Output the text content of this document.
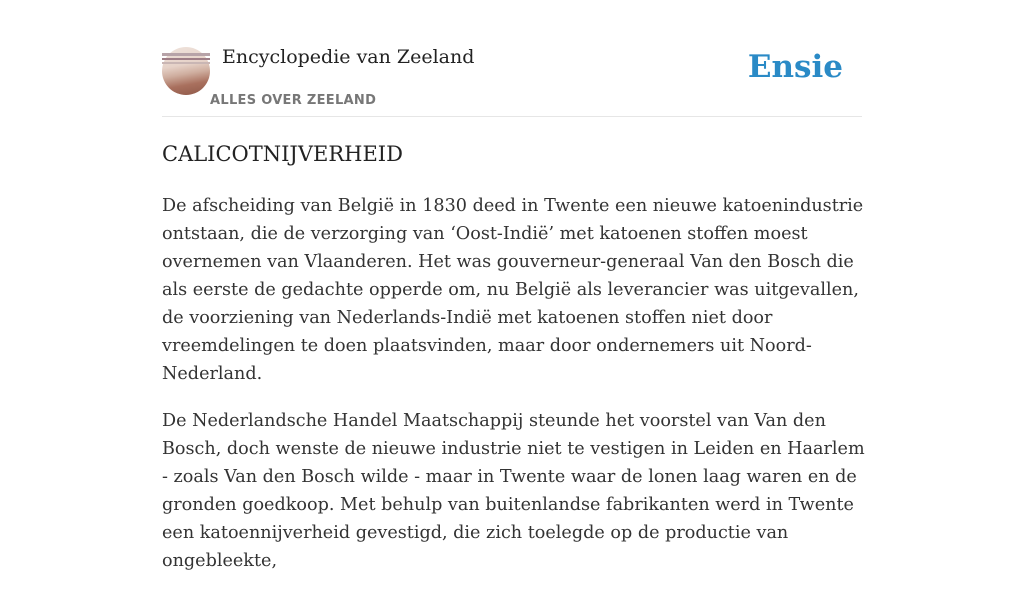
Encyclopedie van Zeeland
ALLES OVER ZEELAND
Ensie
CALICOTNIJVERHEID

De afscheiding van België in 1830 deed in Twente een nieuwe katoenindustrie ontstaan, die de verzorging van ‘Oost-Indië’ met katoenen stoffen moest overnemen van Vlaanderen. Het was gouverneur-generaal Van den Bosch die als eerste de gedachte opperde om, nu België als leverancier was uitgevallen, de voorziening van Nederlands-Indië met katoenen stoffen niet door vreemdelingen te doen plaatsvinden, maar door ondernemers uit Noord-Nederland.

De Nederlandsche Handel Maatschappij steunde het voorstel van Van den Bosch, doch wenste de nieuwe industrie niet te vestigen in Leiden en Haarlem - zoals Van den Bosch wilde - maar in Twente waar de lonen laag waren en de gronden goedkoop. Met behulp van buitenlandse fabrikanten werd in Twente een katoennijverheid gevestigd, die zich toelegde op de productie van ongebleekte,
